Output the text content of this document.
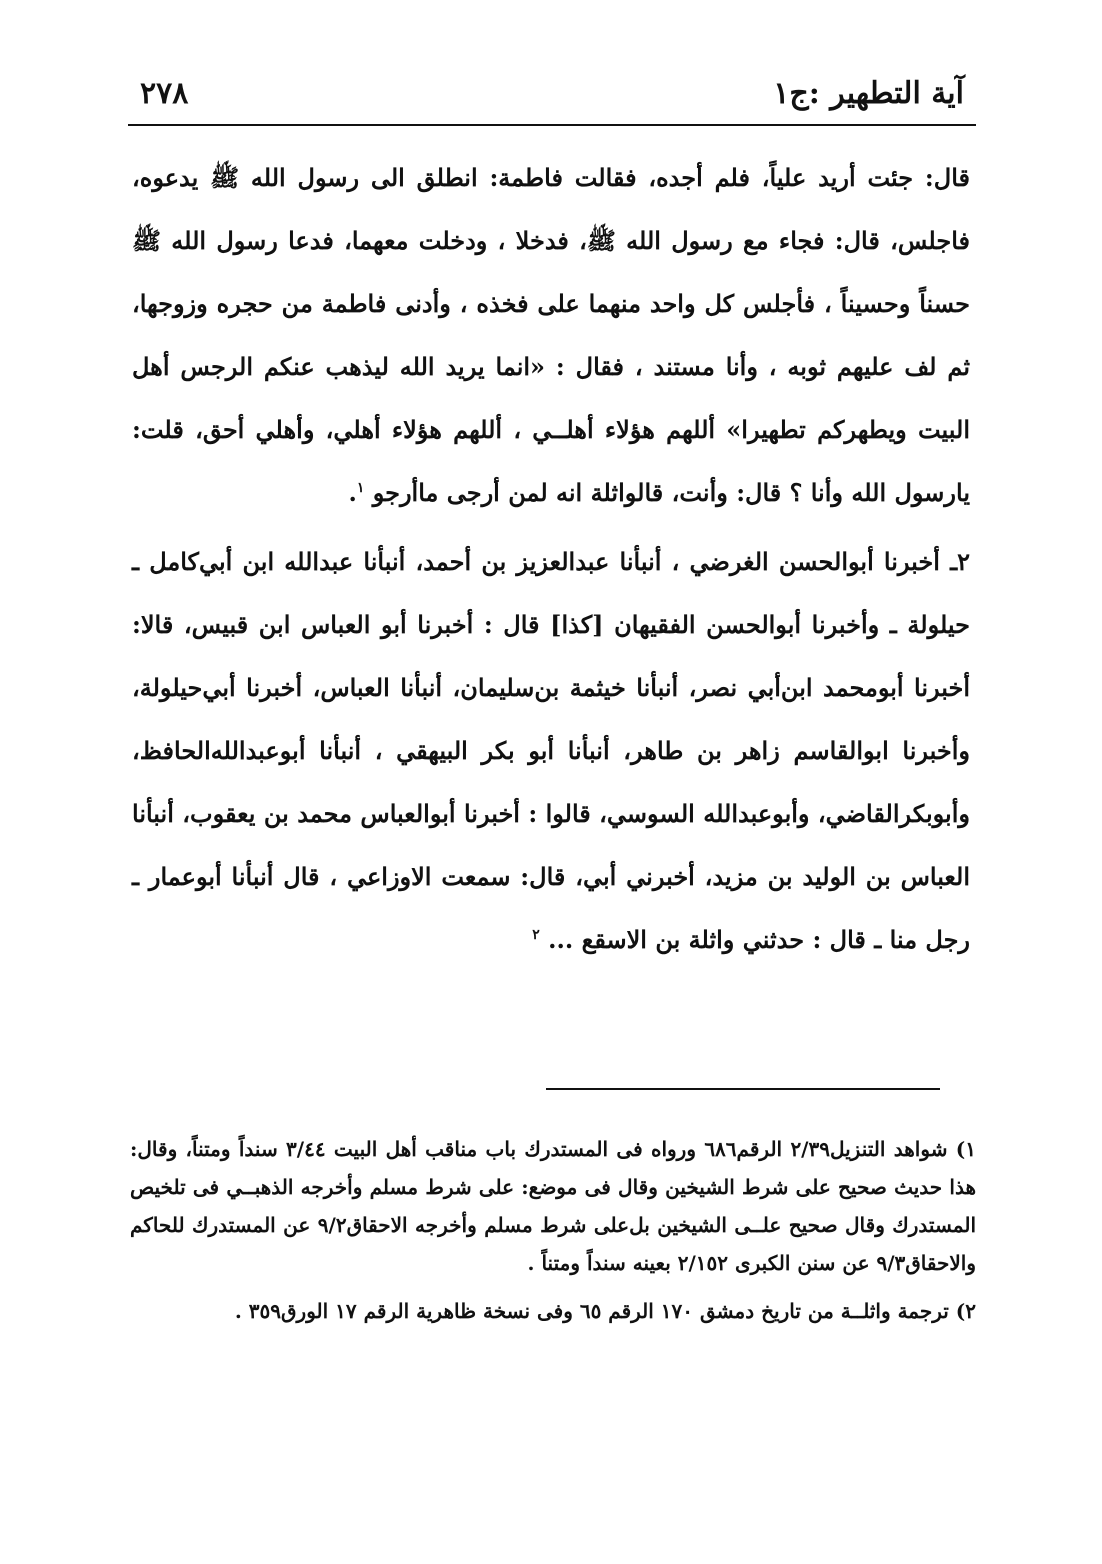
٢٧٨	آية التطهير :ج١

قال: جئت أريد علياً، فلم أجده، فقالت فاطمة: انطلق الى رسول الله ﷺ يدعوه، فاجلس، قال: فجاء مع رسول الله ﷺ، فدخلا ، ودخلت معهما، فدعا رسول الله ﷺ حسناً وحسيناً ، فأجلس كل واحد منهما على فخذه ، وأدنى فاطمة من حجره وزوجها، ثم لف عليهم ثوبه ، وأنا مستند ، فقال : «انما يريد الله ليذهب عنكم الرجس أهل البيت ويطهركم تطهيرا» أللهم هؤلاء أهلــي ، أللهم هؤلاء أهلي، وأهلي أحق، قلت: يارسول الله وأنا ؟ قال: وأنت، قالواثلة انه لمن أرجى ماأرجو $^١$.

٢ـ أخبرنا أبوالحسن الغرضي ، أنبأنا عبدالعزيز بن أحمد، أنبأنا عبدالله ابن أبي‌كامل ـ حيلولة ـ وأخبرنا أبوالحسن الفقيهان [كذا] قال : أخبرنا أبو العباس ابن قبيس، قالا: أخبرنا أبومحمد ابن‌أبي نصر، أنبأنا خيثمة بن‌سليمان، أنبأنا العباس، أخبرنا أبي‌حيلولة، وأخبرنا ابوالقاسم زاهر بن طاهر، أنبأنا أبو بكر البيهقي ، أنبأنا أبوعبدالله‌الحافظ، وأبوبكرالقاضي، وأبوعبدالله السوسي، قالوا : أخبرنا أبوالعباس محمد بن يعقوب، أنبأنا العباس بن الوليد بن مزيد، أخبرني أبي، قال: سمعت الاوزاعي ، قال أنبأنا أبوعمار ـ رجل منا ـ قال : حدثني واثلة بن الاسقع ... $^٢$

١) شواهد التنزيل٢/٣٩ الرقم٦٨٦ ورواه فى المستدرك باب مناقب أهل البيت ٣/٤٤ سنداً ومتناً، وقال: هذا حديث صحيح على شرط الشيخين وقال فى موضع: على شرط مسلم وأخرجه الذهبــي فى تلخيص المستدرك وقال صحيح علــى الشيخين بل‌على شرط مسلم وأخرجه الاحقاق٩/٢ عن المستدرك للحاكم والاحقاق٩/٣ عن سنن الكبرى ٢/١٥٢ بعينه سنداً ومتناً .

٢) ترجمة واثلــة من تاريخ دمشق ١٧٠ الرقم ٦٥ وفى نسخة ظاهرية الرقم ١٧ الورق٣٥٩ .
